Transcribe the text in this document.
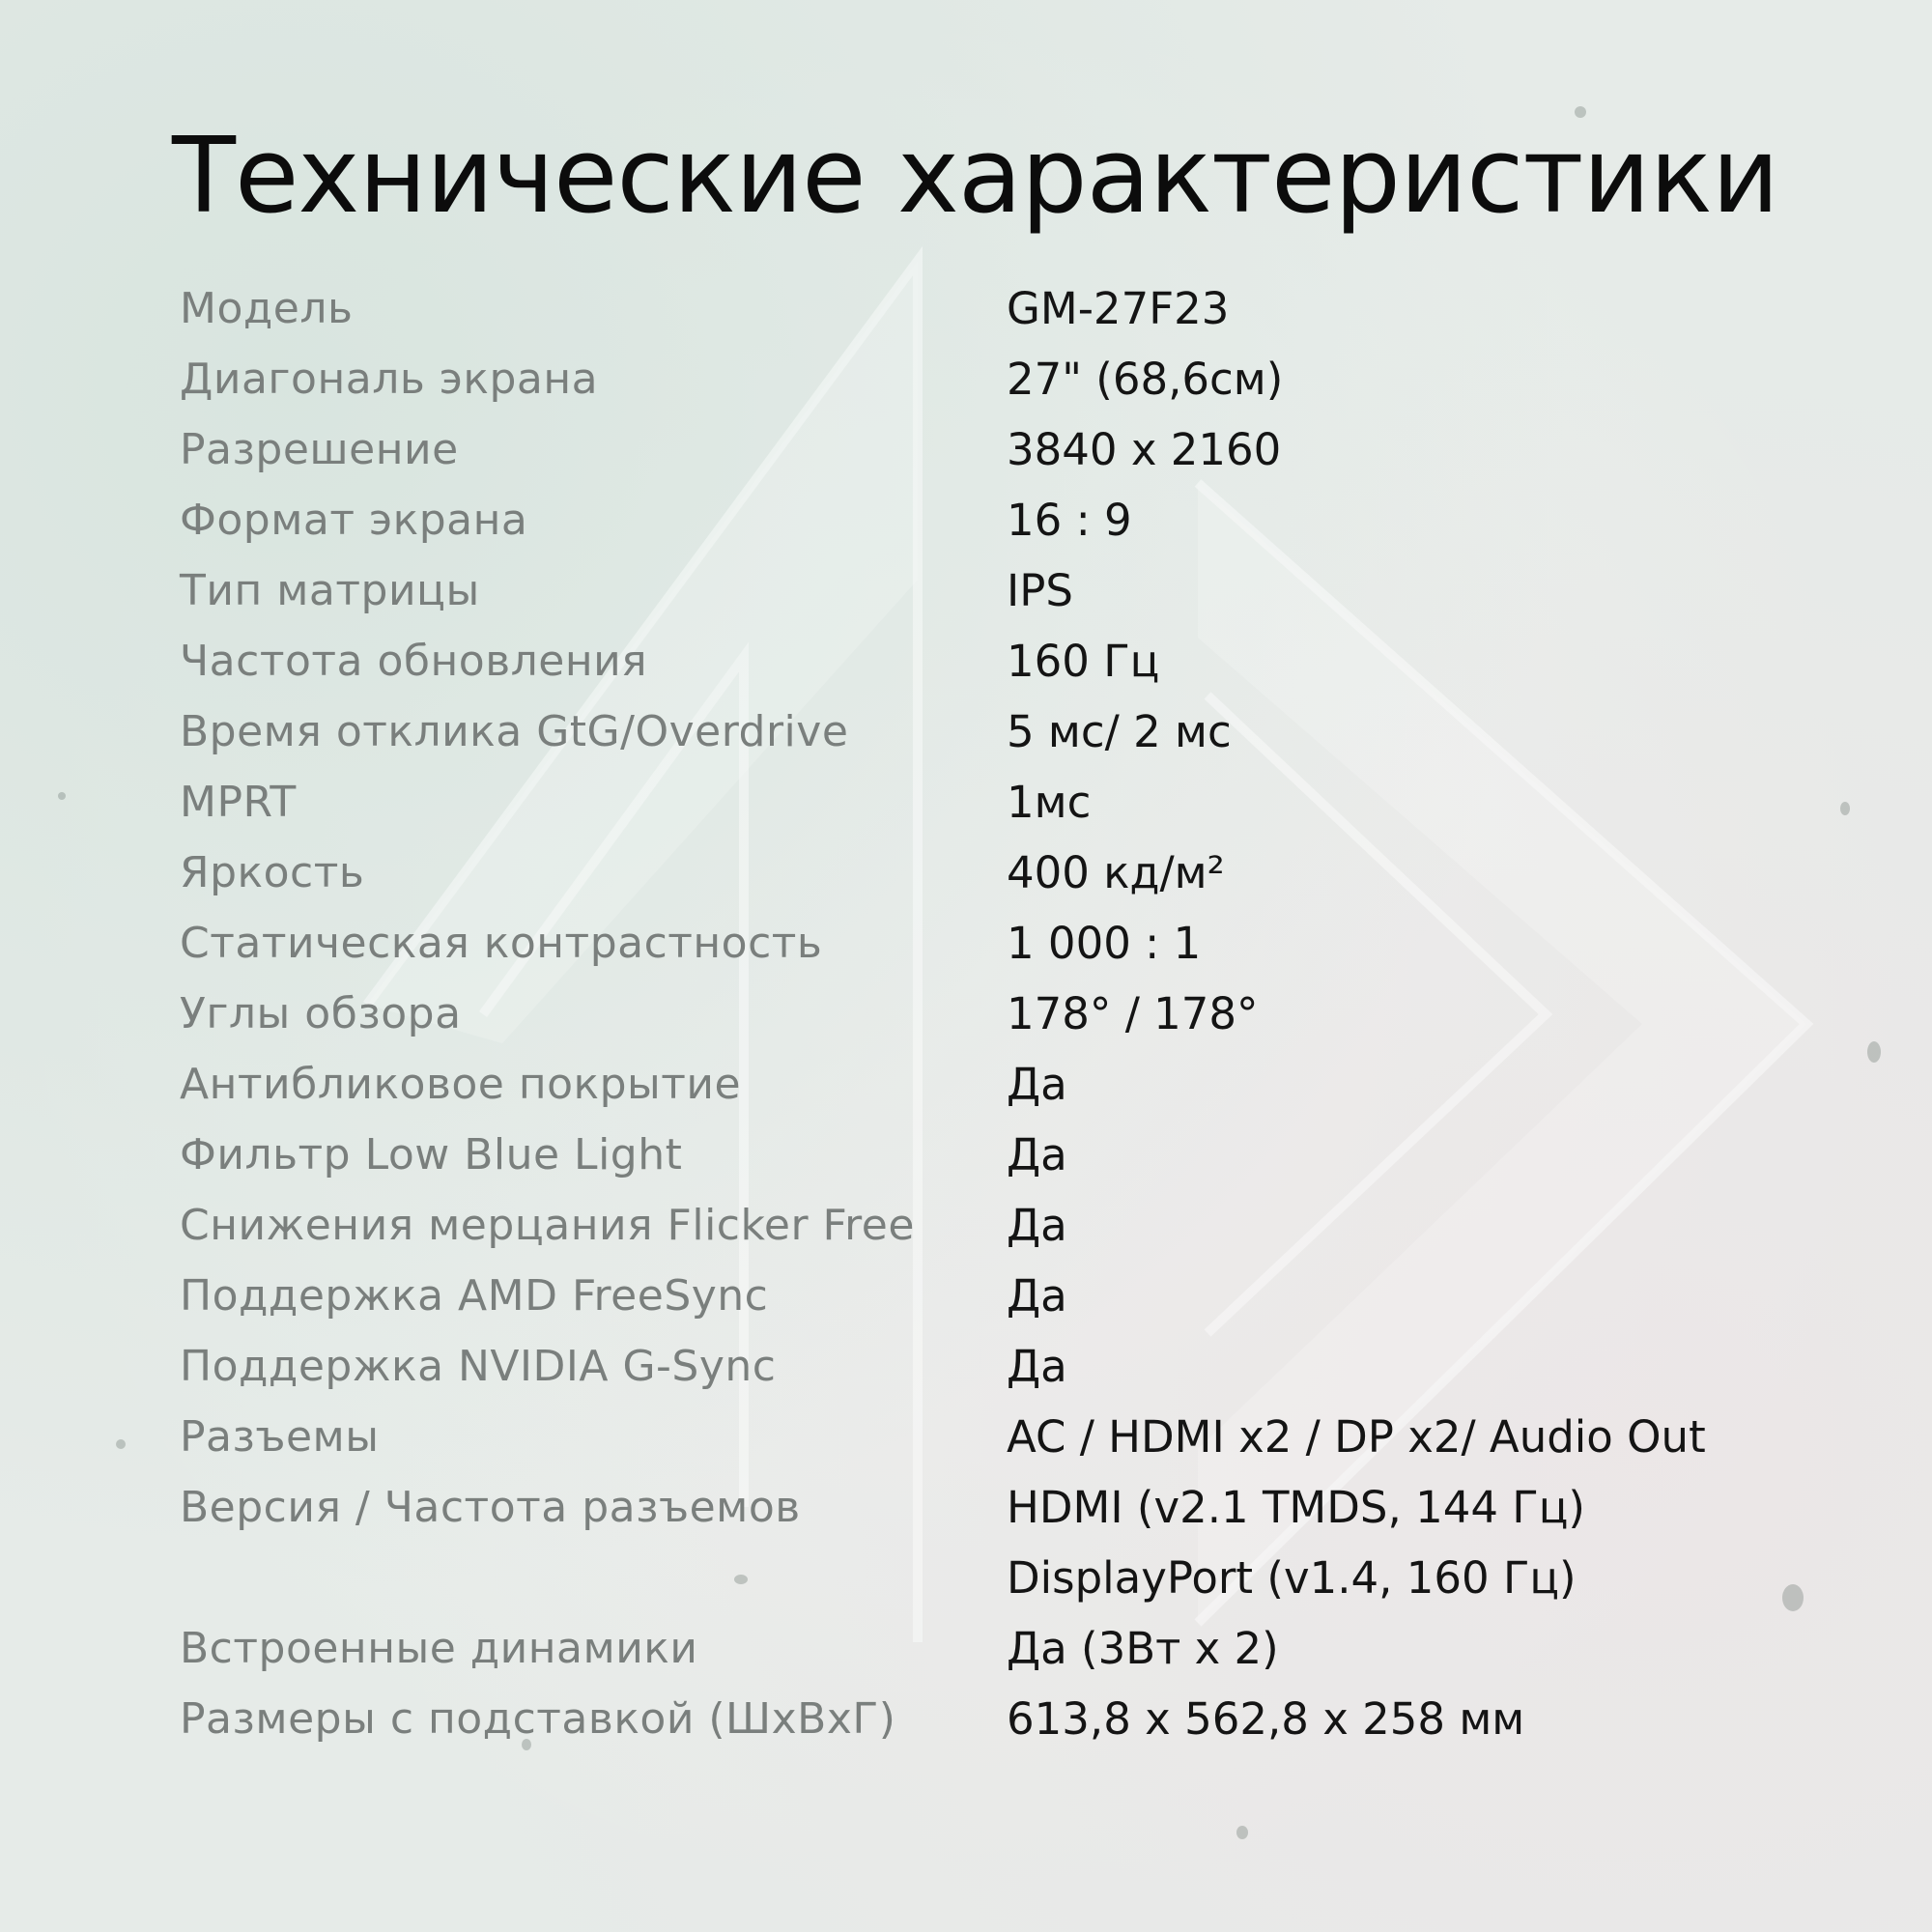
Технические характеристики
Модель	GM-27F23
Диагональ экрана	27" (68,6см)
Разрешение	3840 x 2160
Формат экрана	16 : 9
Тип матрицы	IPS
Частота обновления	160 Гц
Время отклика GtG/Overdrive	5 мс/ 2 мс
MPRT	1мс
Яркость	400 кд/м²
Статическая контрастность	1 000 : 1
Углы обзора	178° / 178°
Антибликовое покрытие	Да
Фильтр Low Blue Light	Да
Снижения мерцания Flicker Free	Да
Поддержка AMD FreeSync	Да
Поддержка NVIDIA G-Sync	Да
Разъемы	AC / HDMI x2 / DP x2/ Audio Out
Версия / Частота разъемов	HDMI (v2.1 TMDS, 144 Гц)
DisplayPort (v1.4, 160 Гц)
Встроенные динамики	Да (3Вт x 2)
Размеры с подставкой (ШхВхГ)	613,8 x 562,8 x 258 мм
